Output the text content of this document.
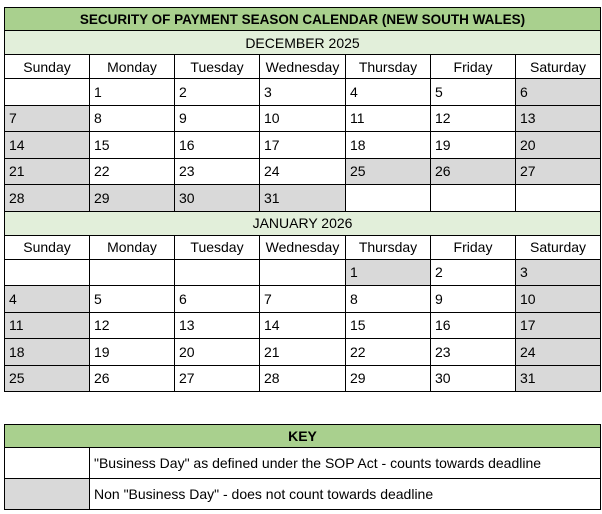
SECURITY OF PAYMENT SEASON CALENDAR (NEW SOUTH WALES)						
DECEMBER 2025						
Sunday	Monday	Tuesday	Wednesday	Thursday	Friday	Saturday
	1	2	3	4	5	6
7	8	9	10	11	12	13
14	15	16	17	18	19	20
21	22	23	24	25	26	27
28	29	30	31			
JANUARY 2026						
Sunday	Monday	Tuesday	Wednesday	Thursday	Friday	Saturday
				1	2	3
4	5	6	7	8	9	10
11	12	13	14	15	16	17
18	19	20	21	22	23	24
25	26	27	28	29	30	31
KEY	
	"Business Day" as defined under the SOP Act - counts towards deadline
	Non "Business Day" - does not count towards deadline
